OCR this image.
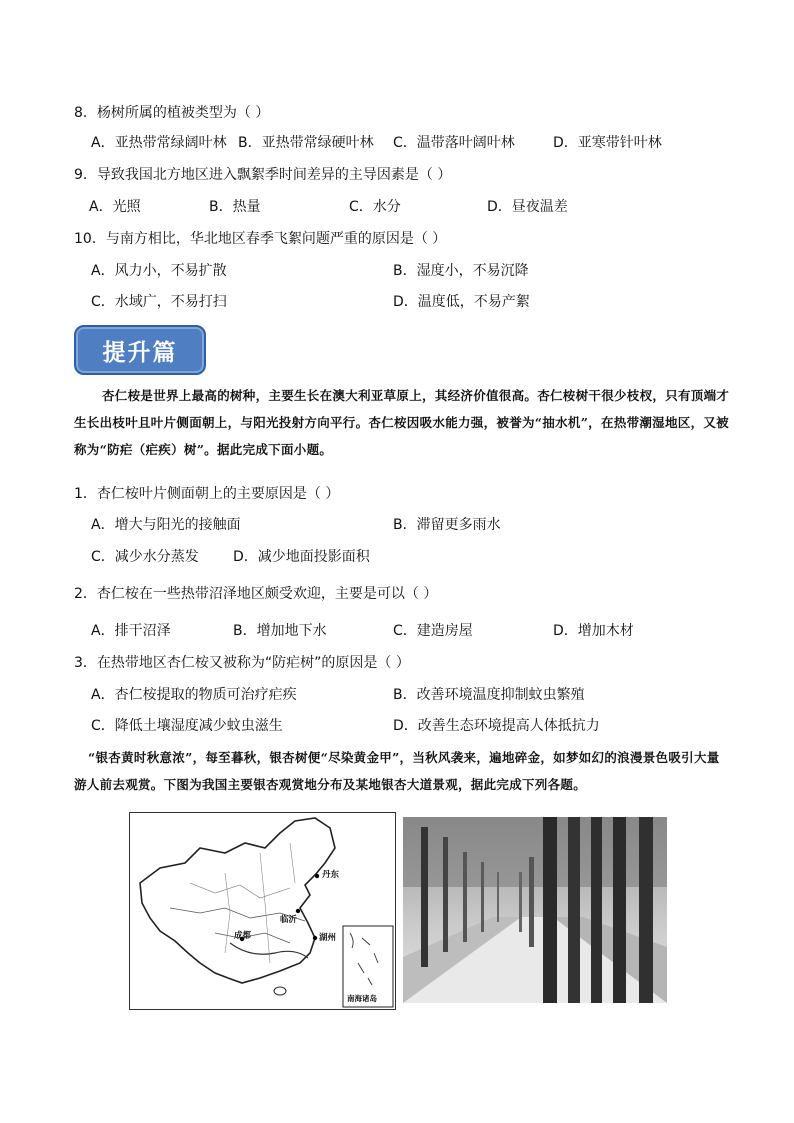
8．杨树所属的植被类型为（ ）
A．亚热带常绿阔叶林 B．亚热带常绿硬叶林 C．温带落叶阔叶林	D．亚寒带针叶林
9．导致我国北方地区进入飘絮季时间差异的主导因素是（ ）
A．光照	B．热量	C．水分	D．昼夜温差
10．与南方相比，华北地区春季飞絮问题严重的原因是（ ）
A．风力小，不易扩散	B．湿度小，不易沉降
C．水域广，不易打扫	D．温度低，不易产絮
提升篇
杏仁桉是世界上最高的树种，主要生长在澳大利亚草原上，其经济价值很高。杏仁桉树干很少枝杈，只有顶端才生长出枝叶且叶片侧面朝上，与阳光投射方向平行。杏仁桉因吸水能力强，被誉为“抽水机”，在热带潮湿地区，又被称为“防疟（疟疾）树”。据此完成下面小题。
1．杏仁桉叶片侧面朝上的主要原因是（ ）
A．增大与阳光的接触面	B．滞留更多雨水
C．减少水分蒸发 D．减少地面投影面积
2．杏仁桉在一些热带沼泽地区颇受欢迎，主要是可以（ ）
A．排干沼泽	B．增加地下水	C．建造房屋	D．增加木材
3．在热带地区杏仁桉又被称为“防疟树”的原因是（ ）
A．杏仁桉提取的物质可治疗疟疾	B．改善环境温度抑制蚊虫繁殖
C．降低土壤湿度减少蚊虫滋生	D．改善生态环境提高人体抵抗力
“银杏黄时秋意浓”，每至暮秋，银杏树便“尽染黄金甲”，当秋风袭来，遍地碎金，如梦如幻的浪漫景色吸引大量游人前去观赏。下图为我国主要银杏观赏地分布及某地银杏大道景观，据此完成下列各题。
丹东
临沂
成都	湖州
南海诸岛
